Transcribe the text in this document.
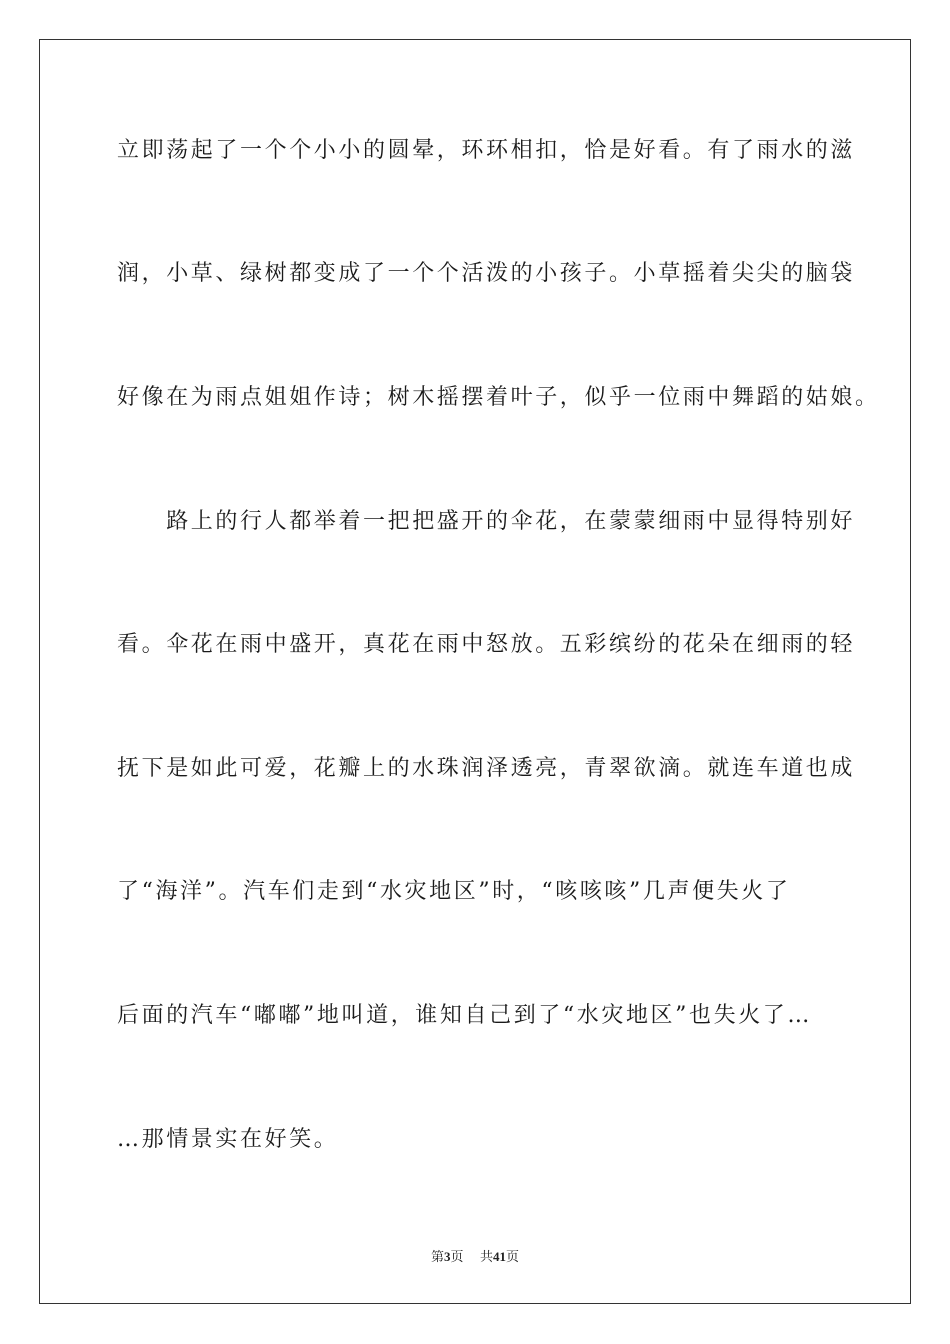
立即荡起了一个个小小的圆晕，环环相扣，恰是好看。有了雨水的滋
润，小草、绿树都变成了一个个活泼的小孩子。小草摇着尖尖的脑袋
好像在为雨点姐姐作诗；树木摇摆着叶子，似乎一位雨中舞蹈的姑娘。
　　路上的行人都举着一把把盛开的伞花，在蒙蒙细雨中显得特别好
看。伞花在雨中盛开，真花在雨中怒放。五彩缤纷的花朵在细雨的轻
抚下是如此可爱，花瓣上的水珠润泽透亮，青翠欲滴。就连车道也成
了“海洋”。汽车们走到“水灾地区”时，“咳咳咳”几声便失火了
后面的汽车“嘟嘟”地叫道，谁知自己到了“水灾地区”也失火了…
…那情景实在好笑。
第3页 共41页
